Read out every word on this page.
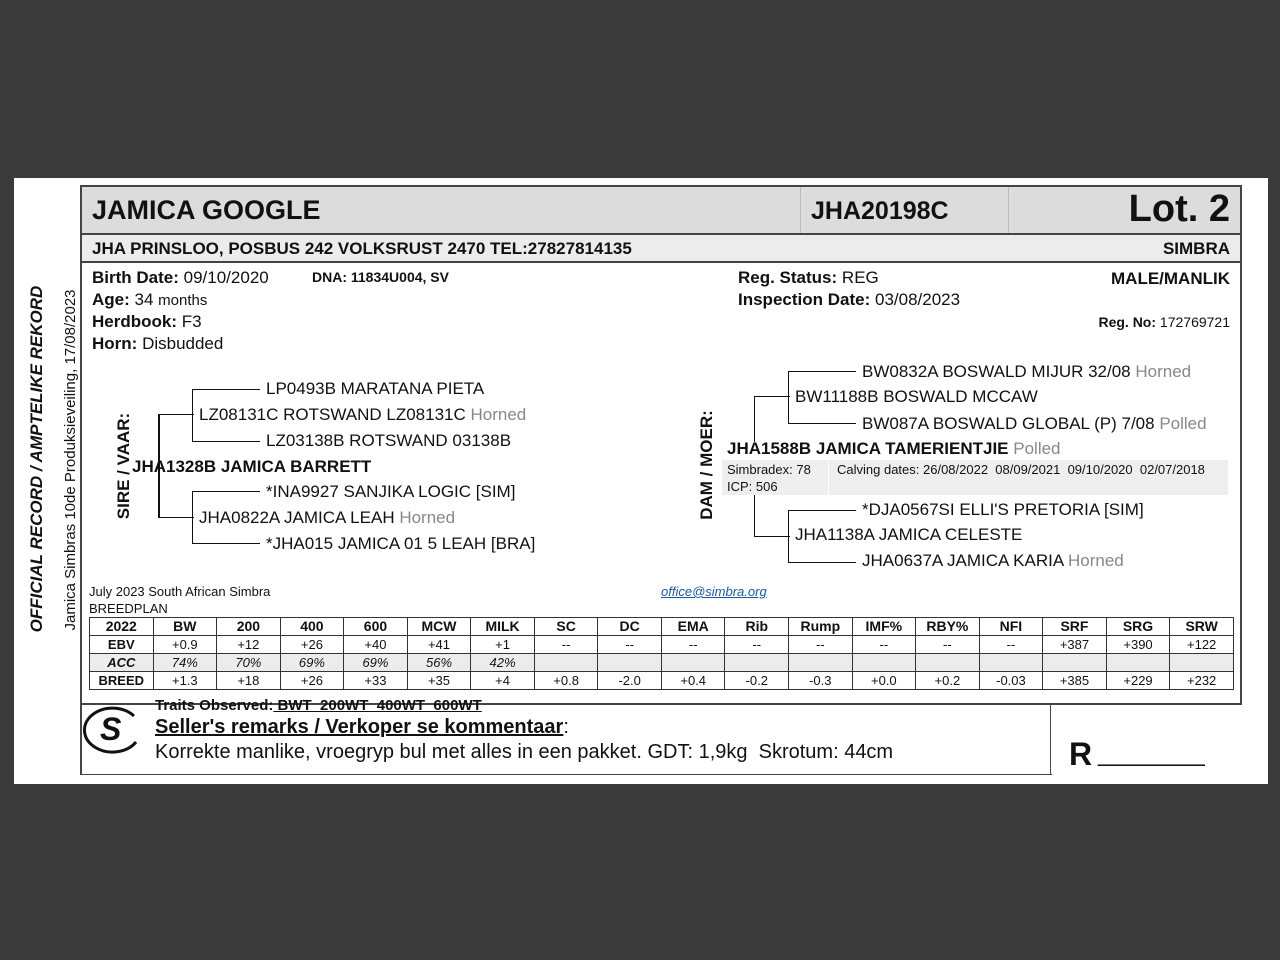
OFFICIAL RECORD / AMPTELIKE REKORD Jamica Simbras 10de Produksieveiling, 17/08/2023
JAMICA GOOGLE	JHA20198C	Lot. 2
JHA PRINSLOO, POSBUS 242 VOLKSRUST 2470 TEL:27827814135	SIMBRA
Birth Date: 09/10/2020	DNA: 11834U004, SV
Age: 34 months
Herdbook: F3
Horn: Disbudded
Reg. Status: REG
Inspection Date: 03/08/2023
MALE/MANLIK
Reg. No: 172769721
SIRE / VAAR:
LP0493B MARATANA PIETA
LZ08131C ROTSWAND LZ08131C Horned
LZ03138B ROTSWAND 03138B
JHA1328B JAMICA BARRETT
*INA9927 SANJIKA LOGIC [SIM]
JHA0822A JAMICA LEAH Horned
*JHA015 JAMICA 01 5 LEAH [BRA]
DAM / MOER:
BW0832A BOSWALD MIJUR 32/08 Horned
BW11188B BOSWALD MCCAW
BW087A BOSWALD GLOBAL (P) 7/08 Polled
JHA1588B JAMICA TAMERIENTJIE Polled
Simbradex: 78
ICP: 506
Calving dates: 26/08/2022  08/09/2021  09/10/2020  02/07/2018
*DJA0567SI ELLI'S PRETORIA [SIM]
JHA1138A JAMICA CELESTE
JHA0637A JAMICA KARIA Horned
July 2023 South African Simbra
BREEDPLAN
office@simbra.org
2022	BW	200	400	600	MCW	MILK	SC	DC	EMA	Rib	Rump	IMF%	RBY%	NFI	SRF	SRG	SRW
EBV	+0.9	+12	+26	+40	+41	+1	--	--	--	--	--	--	--	--	+387	+390	+122
ACC	74%	70%	69%	69%	56%	42%											
BREED	+1.3	+18	+26	+33	+35	+4	+0.8	-2.0	+0.4	-0.2	-0.3	+0.0	+0.2	-0.03	+385	+229	+232
S
Traits Observed: BWT  200WT  400WT  600WT
Seller's remarks / Verkoper se kommentaar:
Korrekte manlike, vroegryp bul met alles in een pakket. GDT: 1,9kg  Skrotum: 44cm	R ________
